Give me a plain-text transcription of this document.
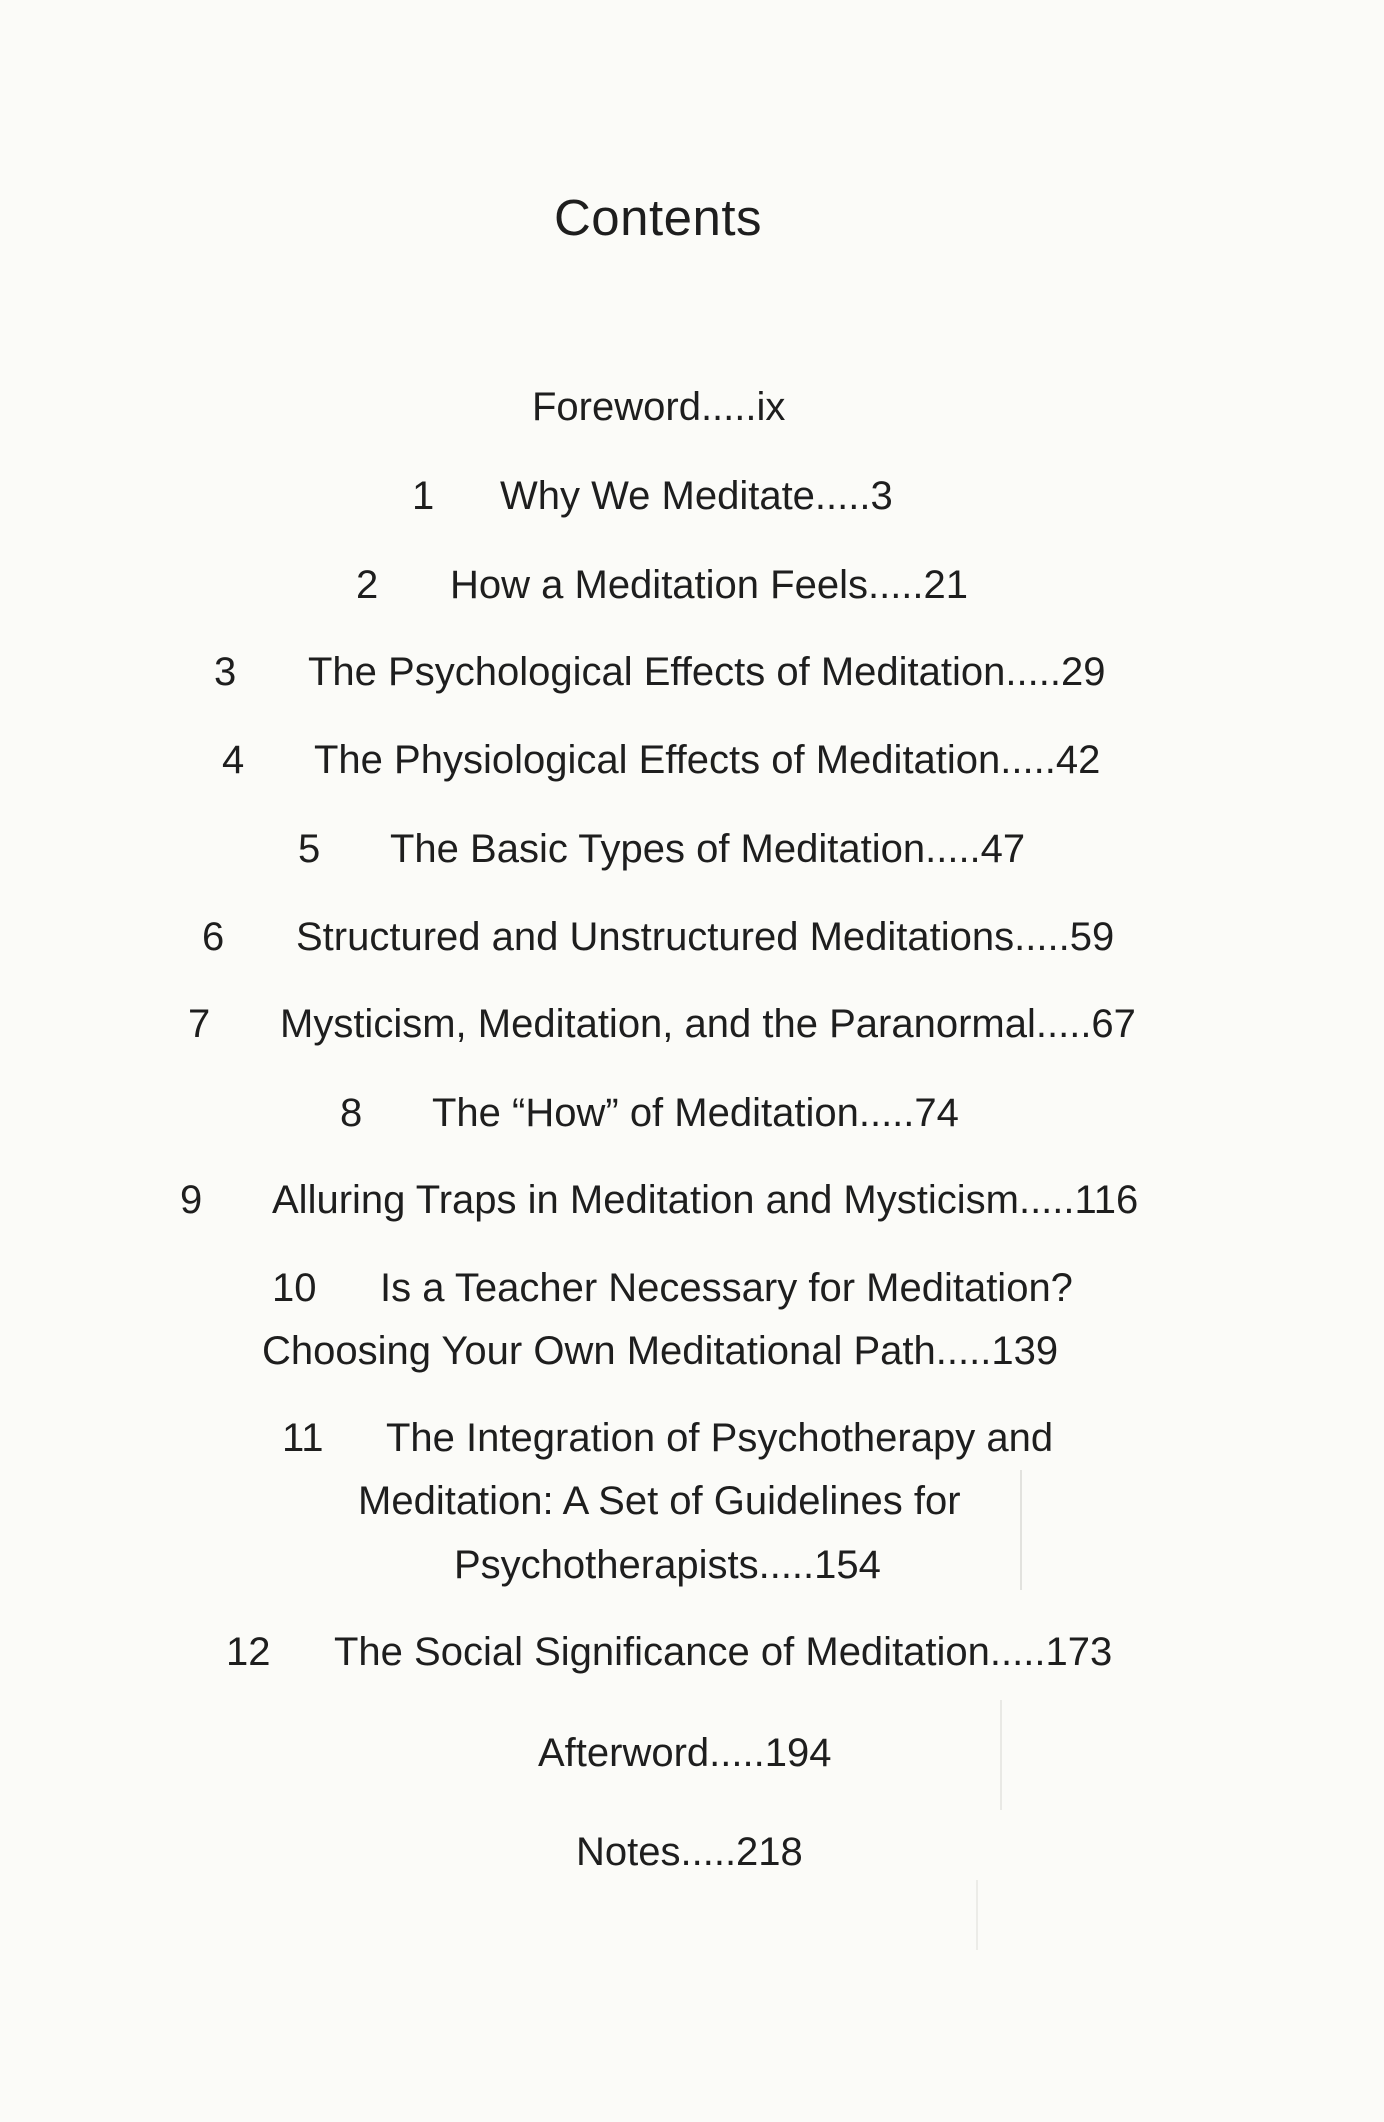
Contents
Foreword.....ix
1 Why We Meditate.....3
2 How a Meditation Feels.....21
3 The Psychological Effects of Meditation.....29
4 The Physiological Effects of Meditation.....42
5 The Basic Types of Meditation.....47
6 Structured and Unstructured Meditations.....59
7 Mysticism, Meditation, and the Paranormal.....67
8 The “How” of Meditation.....74
9 Alluring Traps in Meditation and Mysticism.....116
10 Is a Teacher Necessary for Meditation?
Choosing Your Own Meditational Path.....139
11 The Integration of Psychotherapy and
Meditation: A Set of Guidelines for
Psychotherapists.....154
12 The Social Significance of Meditation.....173
Afterword.....194
Notes.....218
